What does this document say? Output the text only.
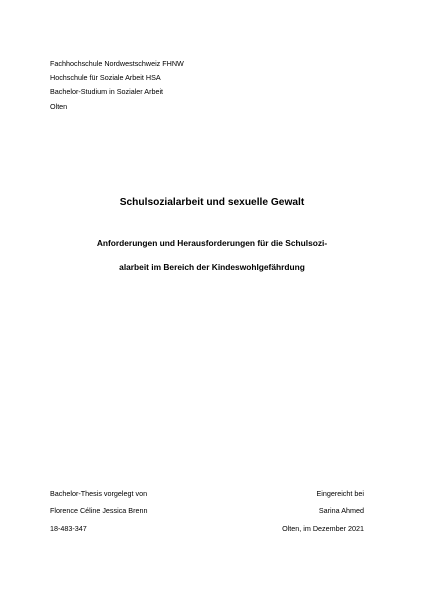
Fachhochschule Nordwestschweiz FHNW
Hochschule für Soziale Arbeit HSA
Bachelor-Studium in Sozialer Arbeit
Olten
Schulsozialarbeit und sexuelle Gewalt
Anforderungen und Herausforderungen für die Schulsozi-
alarbeit im Bereich der Kindeswohlgefährdung
Bachelor-Thesis vorgelegt von
Florence Céline Jessica Brenn
18-483-347
Eingereicht bei
Sarina Ahmed
Olten, im Dezember 2021
